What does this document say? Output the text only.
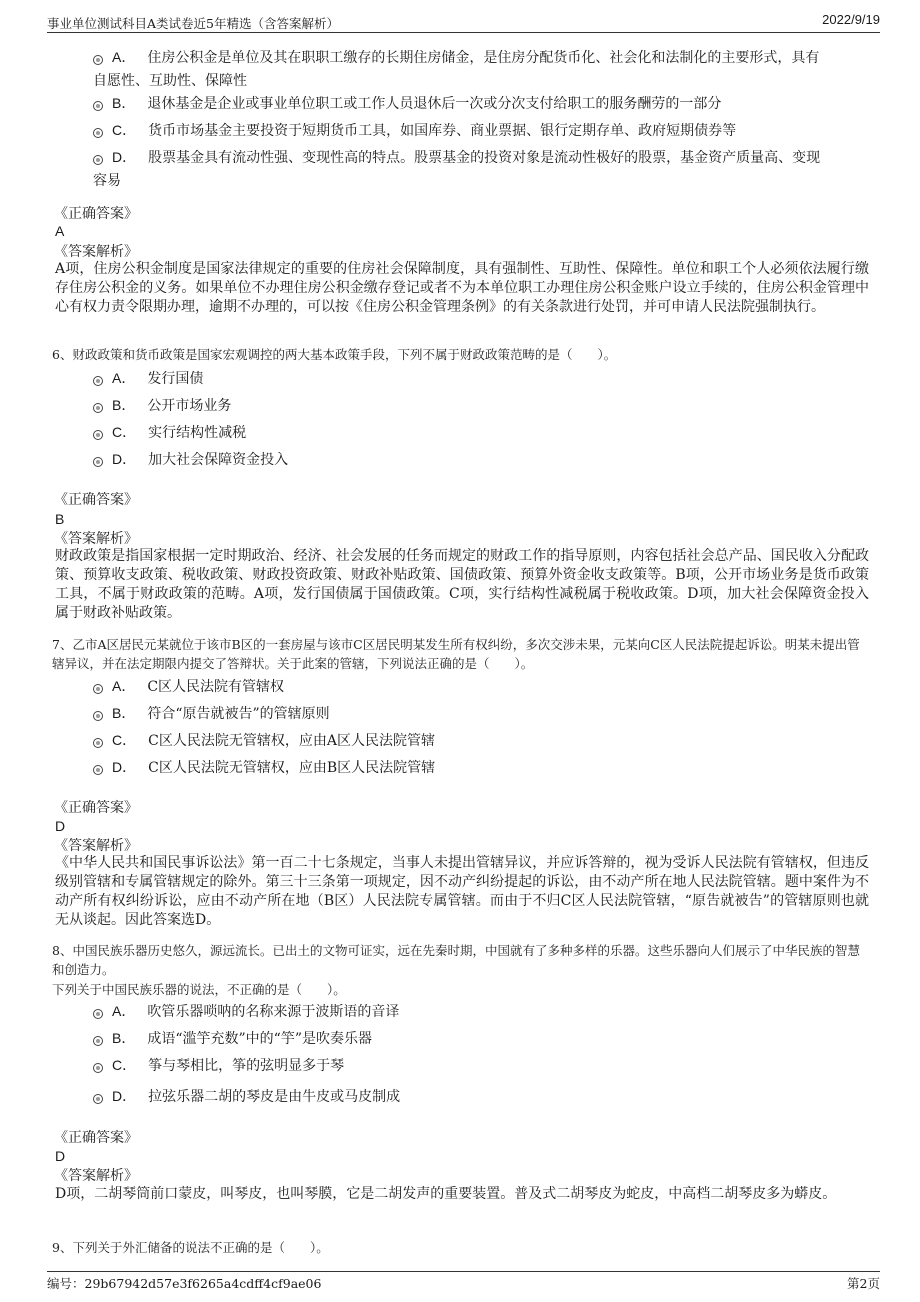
事业单位测试科目A类试卷近5年精选（含答案解析）	2022/9/19
A． 住房公积金是单位及其在职职工缴存的长期住房储金，是住房分配货币化、社会化和法制化的主要形式，具有
自愿性、互助性、保障性
B． 退休基金是企业或事业单位职工或工作人员退休后一次或分次支付给职工的服务酬劳的一部分
C． 货币市场基金主要投资于短期货币工具，如国库券、商业票据、银行定期存单、政府短期债券等
D． 股票基金具有流动性强、变现性高的特点。股票基金的投资对象是流动性极好的股票，基金资产质量高、变现
容易
《正确答案》
A
《答案解析》
A项，住房公积金制度是国家法律规定的重要的住房社会保障制度，具有强制性、互助性、保障性。单位和职工个人必须依法履行缴存住房公积金的义务。如果单位不办理住房公积金缴存登记或者不为本单位职工办理住房公积金账户设立手续的，住房公积金管理中心有权力责令限期办理，逾期不办理的，可以按《住房公积金管理条例》的有关条款进行处罚，并可申请人民法院强制执行。
6、财政政策和货币政策是国家宏观调控的两大基本政策手段，下列不属于财政政策范畴的是（　　）。
A． 发行国债
B． 公开市场业务
C． 实行结构性减税
D． 加大社会保障资金投入
《正确答案》
B
《答案解析》
财政政策是指国家根据一定时期政治、经济、社会发展的任务而规定的财政工作的指导原则，内容包括社会总产品、国民收入分配政策、预算收支政策、税收政策、财政投资政策、财政补贴政策、国债政策、预算外资金收支政策等。B项，公开市场业务是货币政策工具，不属于财政政策的范畴。A项，发行国债属于国债政策。C项，实行结构性减税属于税收政策。D项，加大社会保障资金投入属于财政补贴政策。
7、乙市A区居民元某就位于该市B区的一套房屋与该市C区居民明某发生所有权纠纷，多次交涉未果，元某向C区人民法院提起诉讼。明某未提出管辖异议，并在法定期限内提交了答辩状。关于此案的管辖，下列说法正确的是（　　）。
A． C区人民法院有管辖权
B． 符合“原告就被告”的管辖原则
C． C区人民法院无管辖权，应由A区人民法院管辖
D． C区人民法院无管辖权，应由B区人民法院管辖
《正确答案》
D
《答案解析》
《中华人民共和国民事诉讼法》第一百二十七条规定，当事人未提出管辖异议，并应诉答辩的，视为受诉人民法院有管辖权，但违反级别管辖和专属管辖规定的除外。第三十三条第一项规定，因不动产纠纷提起的诉讼，由不动产所在地人民法院管辖。题中案件为不动产所有权纠纷诉讼，应由不动产所在地（B区）人民法院专属管辖。而由于不归C区人民法院管辖，“原告就被告”的管辖原则也就无从谈起。因此答案选D。
8、中国民族乐器历史悠久，源远流长。已出土的文物可证实，远在先秦时期，中国就有了多种多样的乐器。这些乐器向人们展示了中华民族的智慧和创造力。
下列关于中国民族乐器的说法，不正确的是（　　）。
A． 吹管乐器唢呐的名称来源于波斯语的音译
B． 成语“滥竽充数”中的“竽”是吹奏乐器
C． 筝与琴相比，筝的弦明显多于琴
D． 拉弦乐器二胡的琴皮是由牛皮或马皮制成
《正确答案》
D
《答案解析》
D项，二胡琴筒前口蒙皮，叫琴皮，也叫琴膜，它是二胡发声的重要装置。普及式二胡琴皮为蛇皮，中高档二胡琴皮多为蟒皮。
9、下列关于外汇储备的说法不正确的是（　　）。
编号：29b67942d57e3f6265a4cdff4cf9ae06	第2页
